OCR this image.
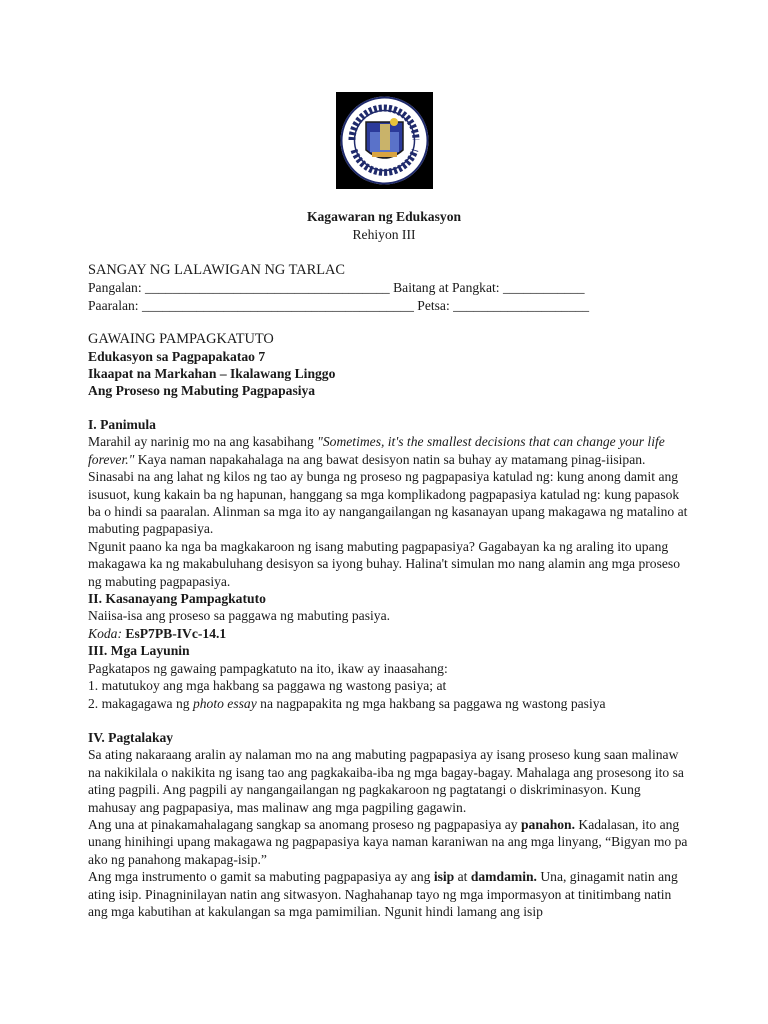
Kagawaran ng Edukasyon
Rehiyon III
SANGAY NG LALAWIGAN NG TARLAC
Pangalan: ____________________________________ Baitang at Pangkat: ____________
Paaralan: ________________________________________ Petsa: ____________________
GAWAING PAMPAGKATUTO
Edukasyon sa Pagpapakatao 7
Ikaapat na Markahan – Ikalawang Linggo
Ang Proseso ng Mabuting Pagpapasiya

I. Panimula

Marahil ay narinig mo na ang kasabihang "Sometimes, it's the smallest decisions that can change your life forever." Kaya naman napakahalaga na ang bawat desisyon natin sa buhay ay matamang pinag-iisipan. Sinasabi na ang lahat ng kilos ng tao ay bunga ng proseso ng pagpapasiya katulad ng: kung anong damit ang isusuot, kung kakain ba ng hapunan, hanggang sa mga komplikadong pagpapasiya katulad ng: kung papasok ba o hindi sa paaralan. Alinman sa mga ito ay nangangailangan ng kasanayan upang makagawa ng matalino at mabuting pagpapasiya.

Ngunit paano ka nga ba magkakaroon ng isang mabuting pagpapasiya? Gagabayan ka ng araling ito upang makagawa ka ng makabuluhang desisyon sa iyong buhay. Halina't simulan mo nang alamin ang mga proseso ng mabuting pagpapasiya.

II. Kasanayang Pampagkatuto

Naiisa-isa ang proseso sa paggawa ng mabuting pasiya.

Koda: EsP7PB-IVc-14.1

III. Mga Layunin

Pagkatapos ng gawaing pampagkatuto na ito, ikaw ay inaasahang:

1. matutukoy ang mga hakbang sa paggawa ng wastong pasiya; at

2. makagagawa ng photo essay na nagpapakita ng mga hakbang sa paggawa ng wastong pasiya

IV. Pagtalakay

Sa ating nakaraang aralin ay nalaman mo na ang mabuting pagpapasiya ay isang proseso kung saan malinaw na nakikilala o nakikita ng isang tao ang pagkakaiba-iba ng mga bagay-bagay. Mahalaga ang prosesong ito sa ating pagpili. Ang pagpili ay nangangailangan ng pagkakaroon ng pagtatangi o diskriminasyon. Kung mahusay ang pagpapasiya, mas malinaw ang mga pagpiling gagawin.

Ang una at pinakamahalagang sangkap sa anomang proseso ng pagpapasiya ay panahon. Kadalasan, ito ang unang hinihingi upang makagawa ng pagpapasiya kaya naman karaniwan na ang mga linyang, “Bigyan mo pa ako ng panahong makapag-isip.”

Ang mga instrumento o gamit sa mabuting pagpapasiya ay ang isip at damdamin. Una, ginagamit natin ang ating isip. Pinagninilayan natin ang sitwasyon. Naghahanap tayo ng mga impormasyon at tinitimbang natin ang mga kabutihan at kakulangan sa mga pamimilian. Ngunit hindi lamang ang isip
